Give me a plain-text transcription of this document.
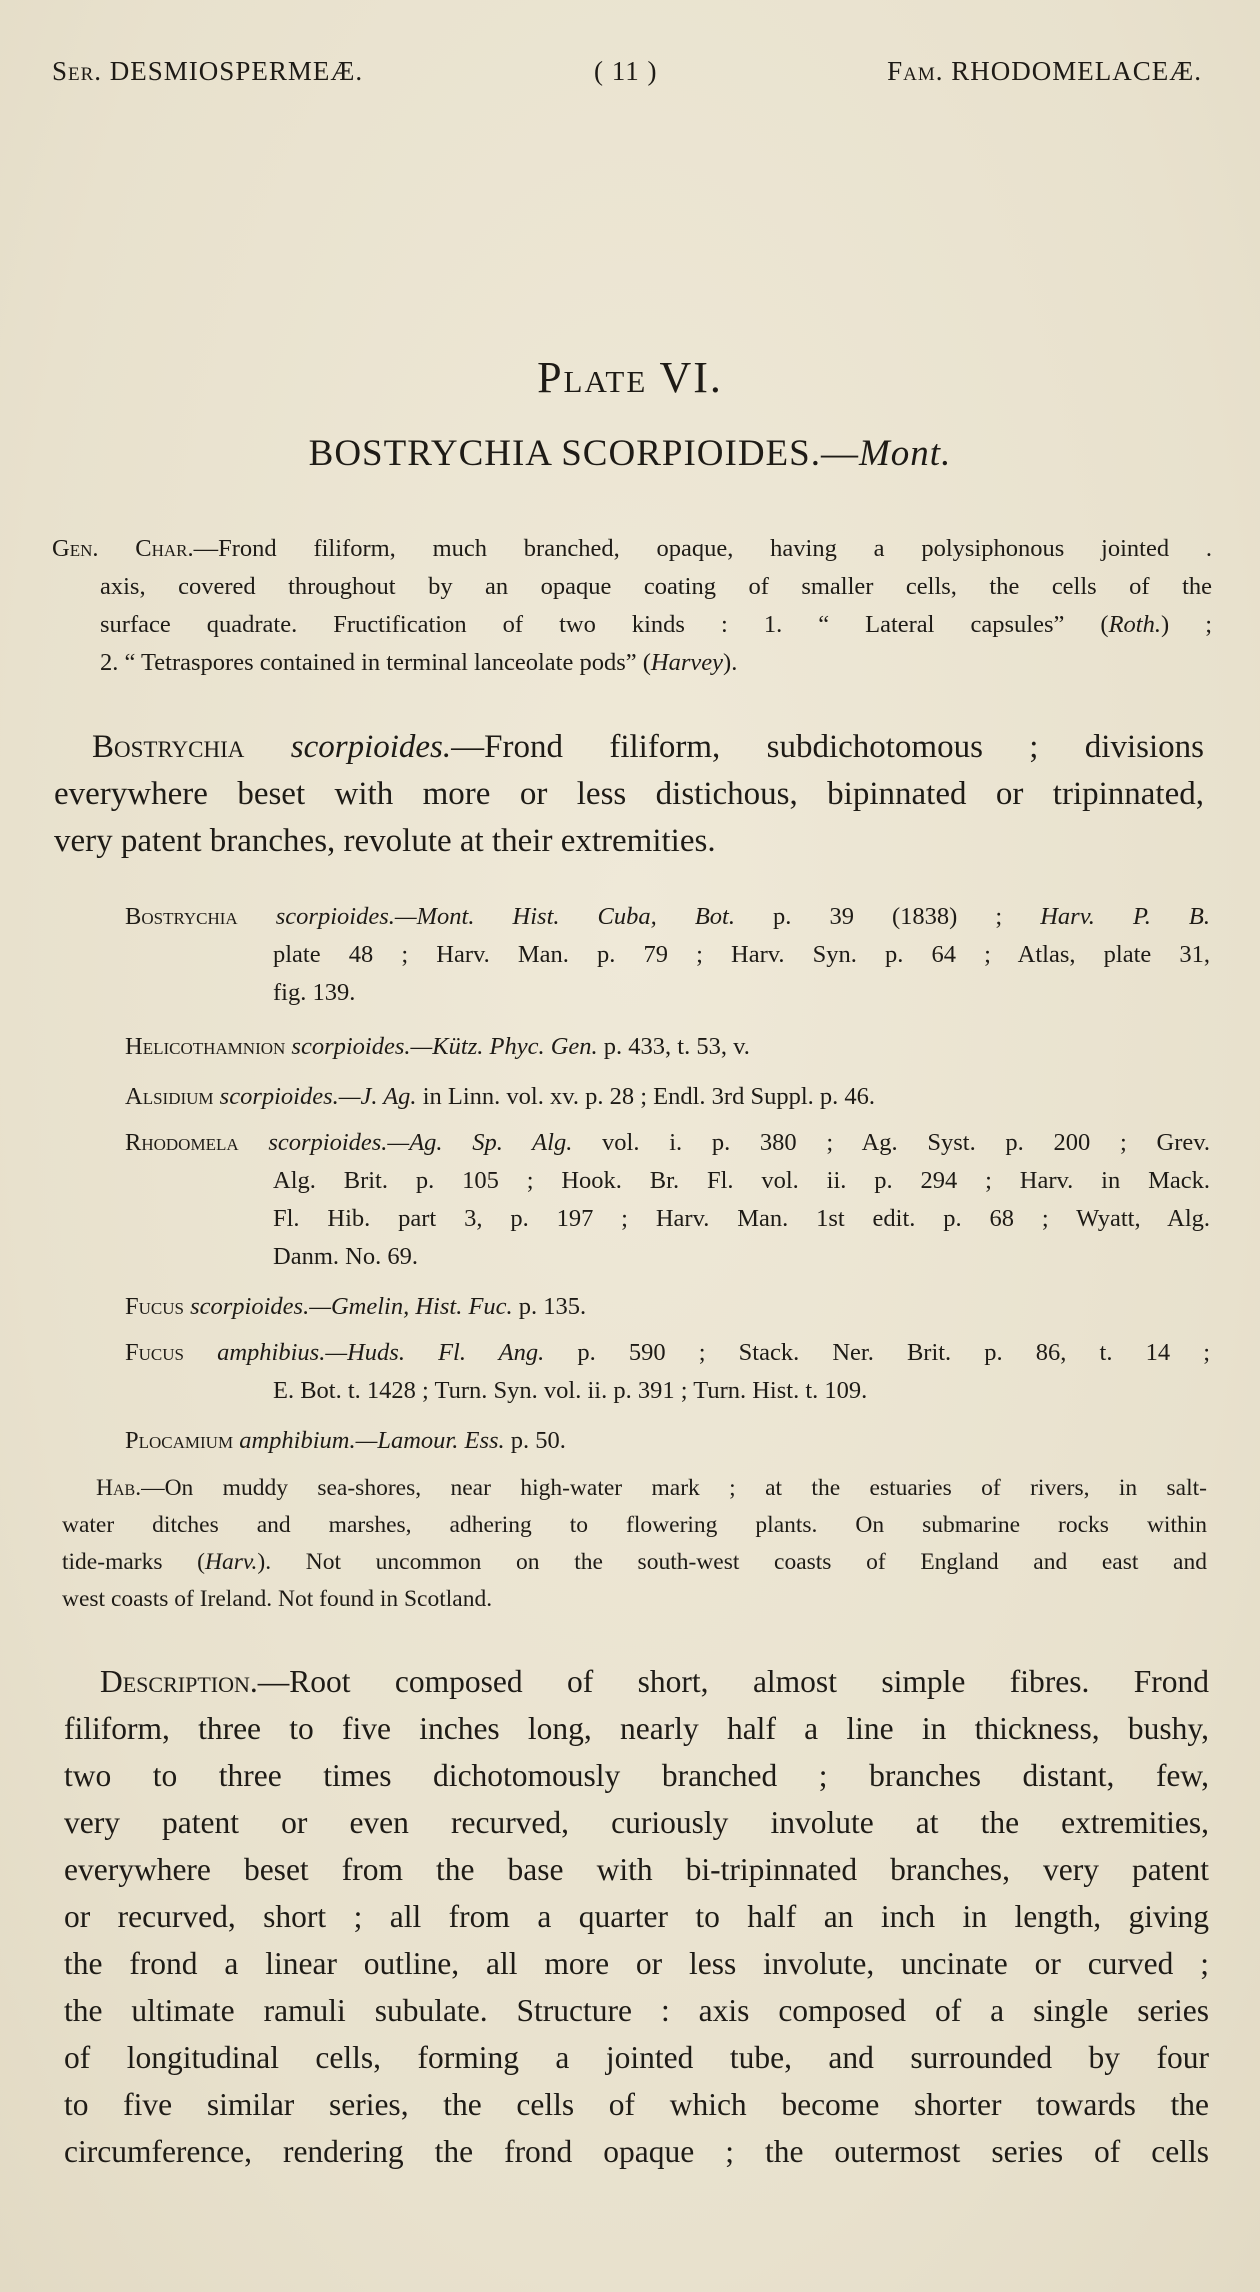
Ser. DESMIOSPERMEÆ.	( 11 )	Fam. RHODOMELACEÆ.
Plate VI.
BOSTRYCHIA SCORPIOIDES.—Mont.
Gen. Char.—Frond filiform, much branched, opaque, having a polysiphonous jointed .
axis, covered throughout by an opaque coating of smaller cells, the cells of the
surface quadrate. Fructification of two kinds : 1. “ Lateral capsules” (Roth.) ;
2. “ Tetraspores contained in terminal lanceolate pods” (Harvey).
Bostrychia scorpioides.—Frond filiform, subdichotomous ; divisions
everywhere beset with more or less distichous, bipinnated or tripinnated,
very patent branches, revolute at their extremities.
Bostrychia scorpioides.—Mont. Hist. Cuba, Bot. p. 39 (1838) ; Harv. P. B.
plate 48 ; Harv. Man. p. 79 ; Harv. Syn. p. 64 ; Atlas, plate 31,
fig. 139.
Helicothamnion scorpioides.—Kütz. Phyc. Gen. p. 433, t. 53, v.
Alsidium scorpioides.—J. Ag. in Linn. vol. xv. p. 28 ; Endl. 3rd Suppl. p. 46.
Rhodomela scorpioides.—Ag. Sp. Alg. vol. i. p. 380 ; Ag. Syst. p. 200 ; Grev.
Alg. Brit. p. 105 ; Hook. Br. Fl. vol. ii. p. 294 ; Harv. in Mack.
Fl. Hib. part 3, p. 197 ; Harv. Man. 1st edit. p. 68 ; Wyatt, Alg.
Danm. No. 69.
Fucus scorpioides.—Gmelin, Hist. Fuc. p. 135.
Fucus amphibius.—Huds. Fl. Ang. p. 590 ; Stack. Ner. Brit. p. 86, t. 14 ;
E. Bot. t. 1428 ; Turn. Syn. vol. ii. p. 391 ; Turn. Hist. t. 109.
Plocamium amphibium.—Lamour. Ess. p. 50.
Hab.—On muddy sea-shores, near high-water mark ; at the estuaries of rivers, in salt-
water ditches and marshes, adhering to flowering plants. On submarine rocks within
tide-marks (Harv.). Not uncommon on the south-west coasts of England and east and
west coasts of Ireland. Not found in Scotland.
Description.—Root composed of short, almost simple fibres. Frond
filiform, three to five inches long, nearly half a line in thickness, bushy,
two to three times dichotomously branched ; branches distant, few,
very patent or even recurved, curiously involute at the extremities,
everywhere beset from the base with bi-tripinnated branches, very patent
or recurved, short ; all from a quarter to half an inch in length, giving
the frond a linear outline, all more or less involute, uncinate or curved ;
the ultimate ramuli subulate. Structure : axis composed of a single series
of longitudinal cells, forming a jointed tube, and surrounded by four
to five similar series, the cells of which become shorter towards the
circumference, rendering the frond opaque ; the outermost series of cells
